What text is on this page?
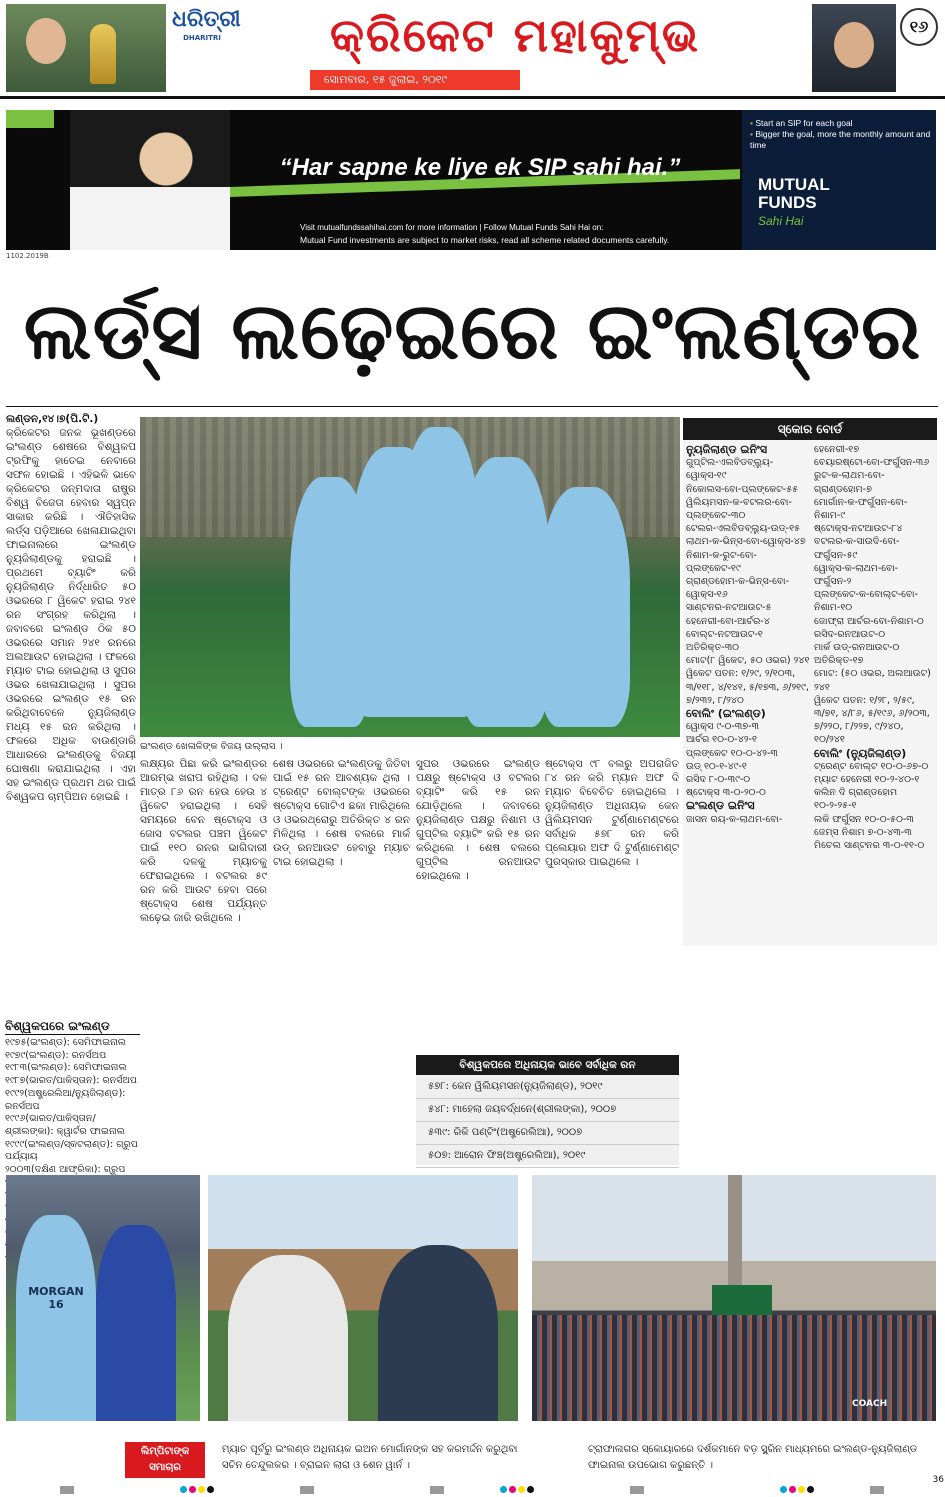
ଧରିତ୍ରୀ
DHARITRI	କ୍ରିକେଟ ମହାକୁମ୍ଭ
ସୋମବାର, ୧୫ ଜୁଲାଇ, ୨୦୧୯
୧୬
“Har sapne ke liye ek SIP sahi hai.”
Visit mutualfundssahihai.com for more information | Follow Mutual Funds Sahi Hai on:
Mutual Fund investments are subject to market risks, read all scheme related documents carefully.
▪ Start an SIP for each goal
▪ Bigger the goal, more the monthly amount and time
MUTUAL
FUNDS
Sahi Hai
1102.2019B
ଲର୍ଡ୍ସ ଲଢ଼େଇରେ ଇଂଲଣ୍ଡର

ଲଣ୍ଡନ,୧୪।୭(ପି.ଟି.)

କ୍ରିକେଟର ଜନକ ଭୂଖଣ୍ଡରେ ଇଂଲଣ୍ଡ ଶେଷରେ ବିଶ୍ୱକପ ଟ୍ରଫିକୁ ହାତେଇ ନେବାରେ ସଫଳ ହୋଇଛି । ଏହିଭଳି ଭାବେ କ୍ରିକେଟର ଜନ୍ମଦାତା ରାଷ୍ଟ୍ର ବିଶ୍ୱ ବିଜେତା ହେବାର ସ୍ୱପ୍ନ ସାକାର କରିଛି । ଐତିହାସିକ ଲର୍ଡ୍ସ ପଡ଼ିଆରେ ଖେଳାଯାଇଥିବା ଫାଇନାଲରେ ଇଂଲଣ୍ଡ ନ୍ୟୁଜିଲାଣ୍ଡକୁ ହରାଇଛି । ପ୍ରଥମେ ବ୍ୟାଟିଂ କରି ନ୍ୟୁଜିଲାଣ୍ଡ ନିର୍ଦ୍ଧାରିତ ୫୦ ଓଭରରେ ୮ ୱିକେଟ ହରାଇ ୨୪୧ ରନ ସଂଗ୍ରହ କରିଥିଲା । ଜବାବରେ ଇଂଲଣ୍ଡ ଠିକ ୫୦ ଓଭରରେ ସମାନ ୨୪୧ ରନରେ ଅଲଆଉଟ ହୋଇଥିଲା । ଫଳରେ ମ୍ୟାଚ ଟାଇ ହୋଇଥିଲା ଓ ସୁପର ଓଭର ଖେଳାଯାଇଥିଲା । ସୁପର ଓଭରରେ ଇଂଲଣ୍ଡ ୧୫ ରନ କରିଥିବାବେଳେ ନ୍ୟୁଜିଲାଣ୍ଡ ମଧ୍ୟ ୧୫ ରନ କରିଥିଲା । ଫଳରେ ଅଧିକ ବାଉଣ୍ଡାରି ଆଧାରରେ ଇଂଲଣ୍ଡକୁ ବିଜୟୀ ଘୋଷଣା କରାଯାଇଥିଲା । ଏହା ସହ ଇଂଲଣ୍ଡ ପ୍ରଥମ ଥର ପାଇଁ ବିଶ୍ୱକପ ଚାମ୍ପିଅନ ହୋଇଛି ।

ଇଂଲଣ୍ଡ ଖେଳାଳିଙ୍କ ବିଜୟ ଉଲ୍ଲାସ ।

ଲକ୍ଷ୍ୟର ପିଛା କରି ଇଂଲଣ୍ଡର ଆରମ୍ଭ ଖରାପ ରହିଥିଲା । ଦଳ ମାତ୍ର ୮୬ ରନ ହେଉ ହେଉ ୪ ୱିକେଟ ହରାଇଥିଲା । ସେହି ସମୟରେ ବେନ ଷ୍ଟୋକ୍ସ ଓ ଜୋସ ବଟଲର ପଞ୍ଚମ ୱିକେଟ ପାଇଁ ୧୧୦ ରନର ଭାଗିଦାରୀ କରି ଦଳକୁ ମ୍ୟାଚକୁ ଫେରାଇଥିଲେ । ବଟଲର ୫୯ ରନ କରି ଆଉଟ ହେବା ପରେ ଷ୍ଟୋକ୍ସ ଶେଷ ପର୍ଯ୍ୟନ୍ତ ଲଢ଼େଇ ଜାରି ରଖିଥିଲେ ।

ଶେଷ ଓଭରରେ ଇଂଲଣ୍ଡକୁ ଜିତିବା ପାଇଁ ୧୫ ରନ ଆବଶ୍ୟକ ଥିଲା । ଟ୍ରେଣ୍ଟ ବୋଲ୍ଟଙ୍କ ଓଭରରେ ଷ୍ଟୋକ୍ସ ଗୋଟିଏ ଛକା ମାରିଥିଲେ ଓ ଓଭରଥ୍ରୋରୁ ଅତିରିକ୍ତ ୪ ରନ ମିଳିଥିଲା । ଶେଷ ବଲରେ ମାର୍କ ଉଡ୍ ରନଆଉଟ ହେବାରୁ ମ୍ୟାଚ ଟାଇ ହୋଇଥିଲା ।

ସୁପର ଓଭରରେ ଇଂଲଣ୍ଡ ପକ୍ଷରୁ ଷ୍ଟୋକ୍ସ ଓ ବଟଲର ବ୍ୟାଟିଂ କରି ୧୫ ରନ ଯୋଡ଼ିଥିଲେ । ଜବାବରେ ନ୍ୟୁଜିଲାଣ୍ଡ ପକ୍ଷରୁ ନିଶାମ ଓ ଗୁପ୍ଟିଲ ବ୍ୟାଟିଂ କରି ୧୫ ରନ କରିଥିଲେ । ଶେଷ ବଲରେ ଗୁପ୍ଟିଲ ରନଆଉଟ ହୋଇଥିଲେ ।

ଷ୍ଟୋକ୍ସ ୯୮ ବଲରୁ ଅପରାଜିତ ୮୪ ରନ କରି ମ୍ୟାନ ଅଫ ଦି ମ୍ୟାଚ ବିବେଚିତ ହୋଇଥିଲେ । ନ୍ୟୁଜିଲାଣ୍ଡ ଅଧିନାୟକ କେନ ୱିଲିୟମସନ ଟୁର୍ଣ୍ଣାମେଣ୍ଟରେ ସର୍ବାଧିକ ୫୭୮ ରନ କରି ପ୍ଲେୟାର ଅଫ ଦି ଟୁର୍ଣ୍ଣାମେଣ୍ଟ ପୁରସ୍କାର ପାଇଥିଲେ ।

ସ୍କୋର ବୋର୍ଡ

ନ୍ୟୁଜିଲାଣ୍ଡ ଇନିଂସ

ଗୁପ୍ଟିଲ-ଏଲବିଡବ୍ଲ୍ୟୁ-ୱୋକ୍ସ-୧୯

ନିକୋଲସ-ବୋ-ପ୍ଲଙ୍କେଟ-୫୫

ୱିଲିୟମସନ-କ-ବଟଲର-ବୋ-ପ୍ଲଙ୍କେଟ-୩୦

ଟେଲର-ଏଲବିଡବ୍ଲ୍ୟୁ-ଉଡ୍-୧୫

ଲାଥମ-କ-ଭିନ୍ସ-ବୋ-ୱୋକ୍ସ-୪୭

ନିଶାମ-କ-ରୁଟ-ବୋ-ପ୍ଲଙ୍କେଟ-୧୯

ଗ୍ରାଣ୍ଡହୋମ-କ-ଭିନ୍ସ-ବୋ-ୱୋକ୍ସ-୧୬

ସାଣ୍ଟନର-ନଟଆଉଟ-୫

ହେନେରୀ-ବୋ-ଆର୍ଚର-୪

ବୋଲ୍ଟ-ନଟଆଉଟ-୧

ଅତିରିକ୍ତ-୩୦

ମୋଟ(୮ ୱିକେଟ, ୫୦ ଓଭର) ୨୪୧

ୱିକେଟ ପତନ: ୧/୨୯, ୨/୧୦୩, ୩/୧୧୮, ୪/୧୪୧, ୫/୧୭୩, ୬/୨୧୯, ୭/୨୩୨, ୮/୨୪୦

ବୋଲିଂ (ଇଂଲଣ୍ଡ)

ୱୋକ୍ସ ୯-୦-୩୭-୩

ଆର୍ଚର ୧୦-୦-୪୨-୧

ପ୍ଲଙ୍କେଟ ୧୦-୦-୪୨-୩

ଉଡ୍ ୧୦-୧-୪୯-୧

ରସିଦ ୮-୦-୩୯-୦

ଷ୍ଟୋକ୍ସ ୩-୦-୨୦-୦

ଇଂଲଣ୍ଡ ଇନିଂସ

ଜାସନ ରୟ-କ-ଲାଥମ-ବୋ-

ହେନେରୀ-୧୭

ବେୟାରଷ୍ଟୋ-ବୋ-ଫର୍ଗୁସନ-୩୬

ରୁଟ-କ-ଲାଥମ-ବୋ-ଗ୍ରାଣ୍ଡହୋମ-୭

ମୋର୍ଗାନ-କ-ଫର୍ଗୁସନ-ବୋ-ନିଶାମ-୯

ଷ୍ଟୋକ୍ସ-ନଟଆଉଟ-୮୪

ବଟଲର-କ-ସାଉଦି-ବୋ-ଫର୍ଗୁସନ-୫୯

ୱୋକ୍ସ-କ-ଲାଥମ-ବୋ-ଫର୍ଗୁସନ-୨

ପ୍ଲଙ୍କେଟ-କ-ବୋଲ୍ଟ-ବୋ-ନିଶାମ-୧୦

ଜୋଫ୍ରା ଆର୍ଚର-ବୋ-ନିଶାମ-୦

ରସିଦ-ରନଆଉଟ-୦

ମାର୍କ ଉଡ୍-ରନଆଉଟ-୦

ଅତିରିକ୍ତ-୧୭

ମୋଟ: (୫୦ ଓଭର, ଅଲଆଉଟ) ୨୪୧

ୱିକେଟ ପତନ: ୧/୨୮, ୨/୫୯, ୩/୭୧, ୪/୮୬, ୫/୧୯୬, ୬/୨୦୩, ୭/୨୨୦, ୮/୨୨୭, ୯/୨୪୦, ୧୦/୨୪୧

ବୋଲିଂ (ନ୍ୟୁଜିଲାଣ୍ଡ)

ଟ୍ରେଣ୍ଟ ବୋଲ୍ଟ ୧୦-୦-୬୭-୦

ମ୍ୟାଟ ହେନେରୀ ୧୦-୨-୪୦-୧

କଲିନ ଦି ଗ୍ରାଣ୍ଡହୋମ ୧୦-୨-୨୫-୧

ଲକି ଫର୍ଗୁସନ ୧୦-୦-୫୦-୩

ଜେମ୍ସ ନିଶାମ ୭-୦-୪୩-୩

ମିଚେଲ ସାଣ୍ଟନର ୩-୦-୧୧-୦

ବିଶ୍ୱକପରେ ଇଂଲଣ୍ଡ
୧୯୭୫(ଇଂଲଣ୍ଡ): ସେମିଫାଇନାଲ
୧୯୭୯(ଇଂଲଣ୍ଡ): ରନର୍ସଅପ
୧୯୮୩(ଇଂଲଣ୍ଡ): ସେମିଫାଇନାଲ
୧୯୮୭(ଭାରତ/ପାକିସ୍ତାନ): ରନର୍ସଅପ
୧୯୯୨(ଅଷ୍ଟ୍ରେଲିଆ/ନ୍ୟୁଜିଲାଣ୍ଡ): ରନର୍ସଅପ
୧୯୯୬(ଭାରତ/ପାକିସ୍ତାନ/ଶ୍ରୀଲଙ୍କା): କ୍ୱାର୍ଟର ଫାଇନାଲ
୧୯୯୯(ଇଂଲଣ୍ଡ/ସ୍କଟଲାଣ୍ଡ): ଗ୍ରୁପ ପର୍ଯ୍ୟାୟ
୨୦୦୩(ଦକ୍ଷିଣ ଆଫ୍ରିକା): ଗ୍ରୁପ
ବିଶ୍ୱକପରେ ଅଧିନାୟକ ଭାବେ ସର୍ବାଧିକ ରନ
୫୭୮: କେନ ୱିଲିୟମସନ(ନ୍ୟୁଜିଲାଣ୍ଡ), ୨୦୧୯
୫୪୮: ମାହେଲା ଜୟବର୍ଦ୍ଧନେ(ଶ୍ରୀଲଙ୍କା), ୨୦୦୭
୫୩୯: ରିକି ପଣ୍ଟିଂ(ଅଷ୍ଟ୍ରେଲିଆ), ୨୦୦୭
୫୦୭: ଆରୋନ ଫିଞ୍ଚ(ଅଷ୍ଟ୍ରେଲିଆ), ୨୦୧୯
MORGAN 16
COACH
ଲିମ୍ପିଟାଙ୍କ ସମାଚାର
ମ୍ୟାଚ ପୂର୍ବରୁ ଇଂଲଣ୍ଡ ଅଧିନାୟକ ଇଅନ ମୋର୍ଗାନଙ୍କ ସହ କରମର୍ଦ୍ଦନ କରୁଥିବା ସଚିନ ତେନ୍ଦୁଲକର । ବ୍ରାଇନ ଲାରା ଓ ଶେନ ୱାର୍ନ ।
ଟ୍ରାଫାଲଗର ସ୍କୋୟାରରେ ଦର୍ଶକମାନେ ବଡ଼ ସ୍କ୍ରିନ ମାଧ୍ୟମରେ ଇଂଲଣ୍ଡ-ନ୍ୟୁଜିଲାଣ୍ଡ ଫାଇନାଲ ଉପଭୋଗ କରୁଛନ୍ତି ।
36
